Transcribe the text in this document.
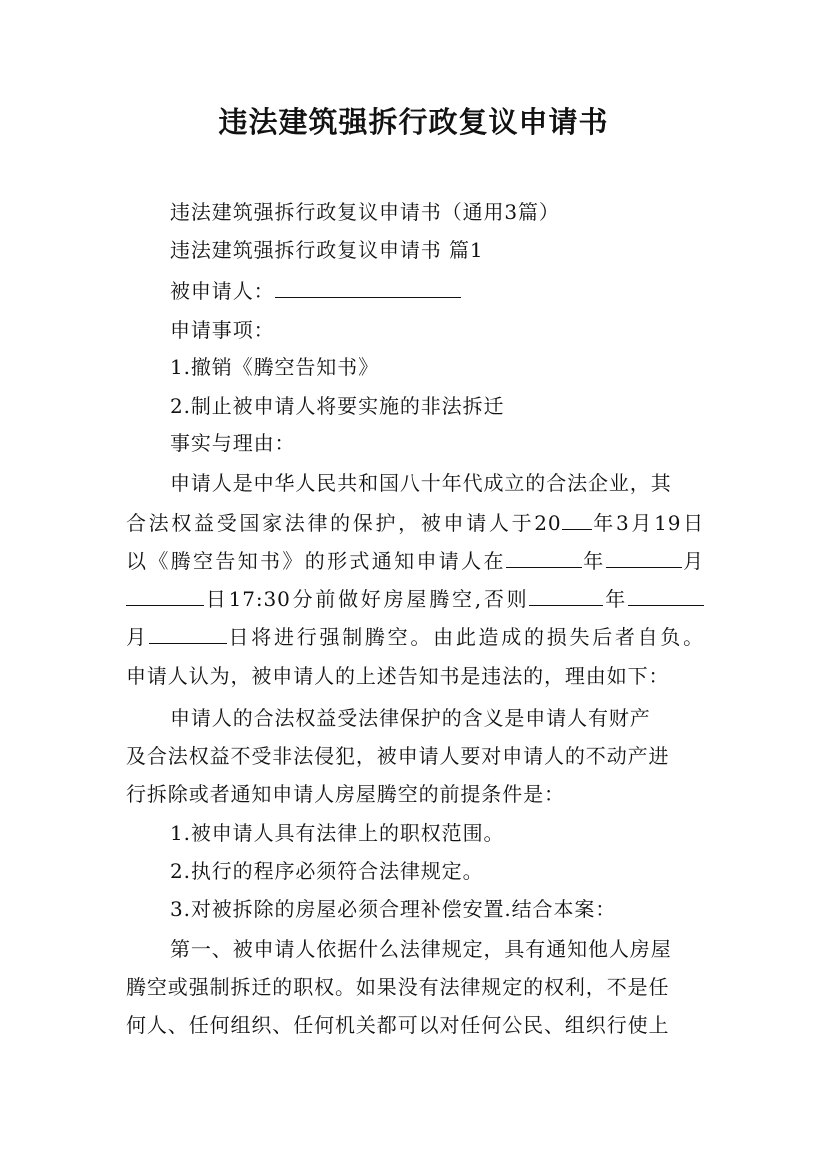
违法建筑强拆行政复议申请书
违法建筑强拆行政复议申请书（通用3篇）
违法建筑强拆行政复议申请书 篇1
被申请人：
申请事项：
1.撤销《腾空告知书》
2.制止被申请人将要实施的非法拆迁
事实与理由：
申请人是中华人民共和国八十年代成立的合法企业，其
合法权益受国家法律的保护，被申请人于20 年3月19日
以《腾空告知书》的形式通知申请人在	年	月
日17:30分前做好房屋腾空,否则	年
月	日将进行强制腾空。由此造成的损失后者自负。
申请人认为，被申请人的上述告知书是违法的，理由如下：
申请人的合法权益受法律保护的含义是申请人有财产
及合法权益不受非法侵犯，被申请人要对申请人的不动产进
行拆除或者通知申请人房屋腾空的前提条件是：
1.被申请人具有法律上的职权范围。
2.执行的程序必须符合法律规定。
3.对被拆除的房屋必须合理补偿安置.结合本案：
第一、被申请人依据什么法律规定，具有通知他人房屋
腾空或强制拆迁的职权。如果没有法律规定的权利，不是任
何人、任何组织、任何机关都可以对任何公民、组织行使上
